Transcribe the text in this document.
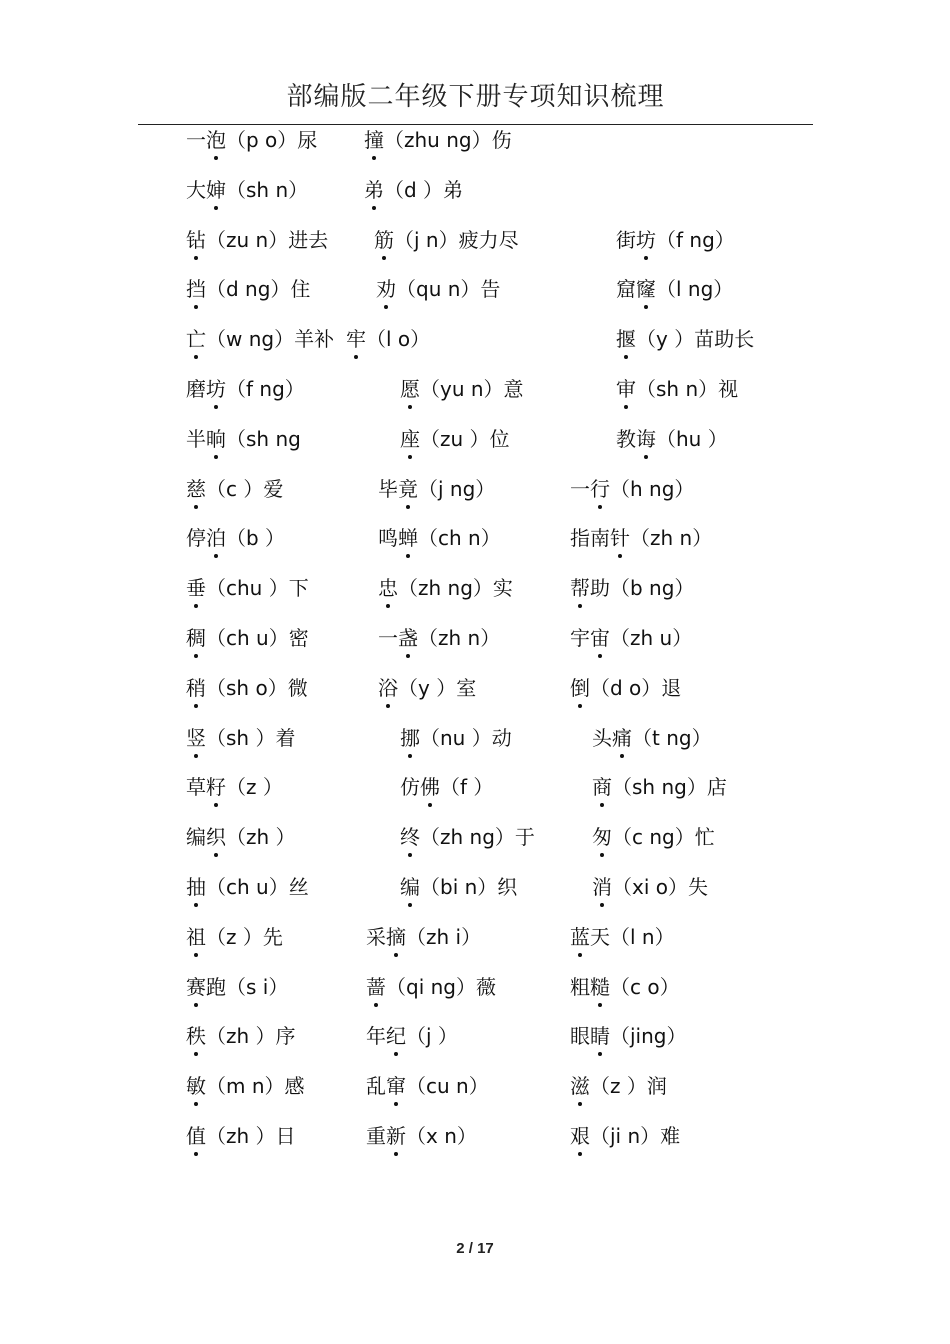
部编版二年级下册专项知识梳理
一泡（p o）尿 撞（zhu ng）伤
大婶（sh n）	弟（d ）弟
钻（zu n）进去 筋（j n）疲力尽	街坊（f ng）
挡（d ng）住	劝（qu n）告	窟窿（l ng）
亡（w ng）羊补 牢（l o）	揠（y ）苗助长
磨坊（f ng）	愿（yu n）意	审（sh n）视
半晌（sh ng	座（zu ）位	教诲（hu ）
慈（c ）爱	毕竟（j ng）	一行（h ng）
停泊（b ）	鸣蝉（ch n）	指南针（zh n）
垂（chu ）下	忠（zh ng）实	帮助（b ng）
稠（ch u）密	一盏（zh n）	宇宙（zh u）
稍（sh o）微	浴（y ）室	倒（d o）退
竖（sh ）着	挪（nu ）动	头痛（t ng）
草籽（z ）	仿佛（f ）	商（sh ng）店
编织（zh ）	终（zh ng）于	匆（c ng）忙
抽（ch u）丝	编（bi n）织	消（xi o）失
祖（z ）先	采摘（zh i）	蓝天（l n）
赛跑（s i）	蔷（qi ng）薇	粗糙（c o）
秩（zh ）序	年纪（j ）	眼睛（jing）
敏（m n）感	乱窜（cu n）	滋（z ）润
值（zh ）日	重新（x n）	艰（ji n）难
2 / 17
